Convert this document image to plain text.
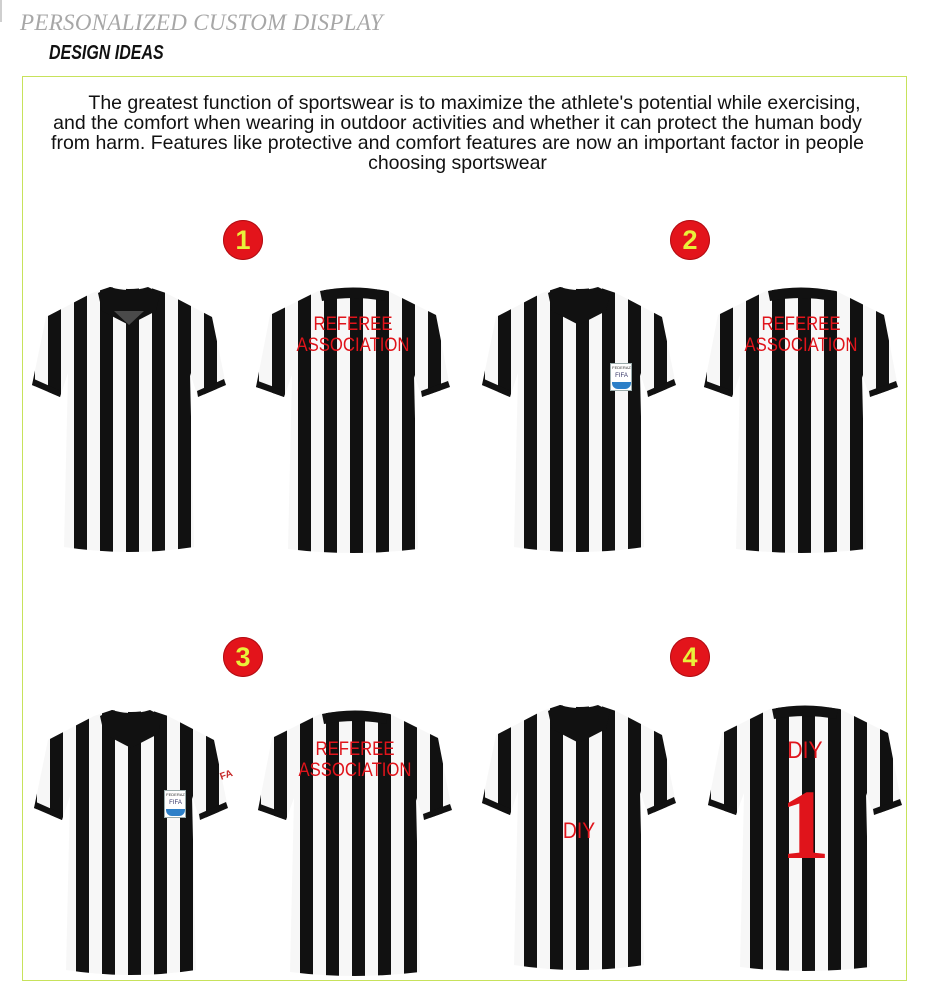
PERSONALIZED CUSTOM DISPLAY
DESIGN IDEAS
The greatest function of sportswear is to maximize the athlete's potential while exercising, and the comfort when wearing in outdoor activities and whether it can protect the human body from harm. Features like protective and comfort features are now an important factor in people choosing sportswear
1	2
3	4
REFEREE
ASSOCIATION
FEDERAZ
FIFA
REFEREE
ASSOCIATION
FEDERAZ
FIFA
FA
REFEREE
ASSOCIATION
DIY
DIY
1
